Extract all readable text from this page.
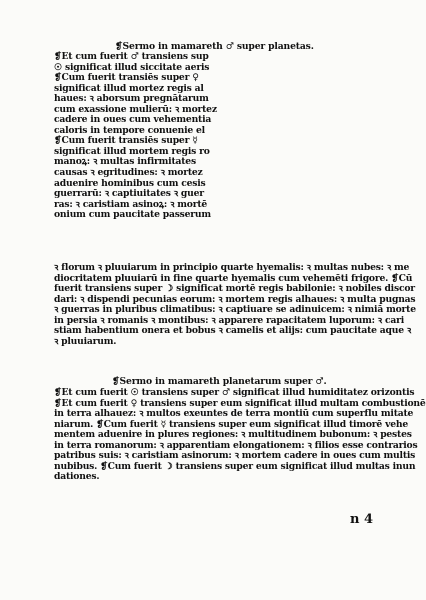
❡Sermo in mamareth ♂ super planetas.
❡Et cum fuerit ♂ transiens sup
☉ significat illud siccitate aeris
❡Cum fuerit transiēs super ♀
significat illud mortez regis al
haues: ꝛ aborsum pregnātarum
cum exassione mulierū: ꝛ mortez
cadere in oues cum vehementia
caloris in tempore conuenie el
❡Cum fuerit transiēs super ☿
significat illud mortem regis ro
manoꝝ: ꝛ multas infirmitates
causas ꝛ egritudines: ꝛ mortez
aduenire hominibus cum cesis
guerrarū: ꝛ captiuitates ꝛ guer
ras: ꝛ caristiam asinoꝝ: ꝛ mortē
onium cum paucitate passerum
ꝛ florum ꝛ pluuiarum in principio quarte hyemalis: ꝛ multas nubes: ꝛ me
diocritatem pluuiarū in fine quarte hyemalis cum vehemēti frigore. ❡Cū
fuerit transiens super ☽ significat mortē regis babilonie: ꝛ nobiles discor
dari: ꝛ dispendi pecunias eorum: ꝛ mortem regis alhaues: ꝛ multa pugnas
ꝛ guerras in pluribus climatibus: ꝛ captiuare se adinuicem: ꝛ nimiā morte
in persia ꝛ romanis ꝛ montibus: ꝛ apparere rapacitatem luporum: ꝛ cari
stiam habentium onera et bobus ꝛ camelis et alijs: cum paucitate aque ꝛ
ꝛ pluuiarum.
❡Sermo in mamareth planetarum super ♂.
❡Et cum fuerit ☉ transiens super ♂ significat illud humiditatez orizontis
❡Et cum fuerit ♀ transiens super eum significat illud multam combustionē
in terra alhauez: ꝛ multos exeuntes de terra montiū cum superflu mitate
niarum. ❡Cum fuerit ☿ transiens super eum significat illud timorē vehe
mentem aduenire in plures regiones: ꝛ multitudinem bubonum: ꝛ pestes
in terra romanorum: ꝛ apparentiam elongationem: ꝛ filios esse contrarios
patribus suis: ꝛ caristiam asinorum: ꝛ mortem cadere in oues cum multis
nubibus. ❡Cum fuerit ☽ transiens super eum significat illud multas inun
dationes.
n 4
